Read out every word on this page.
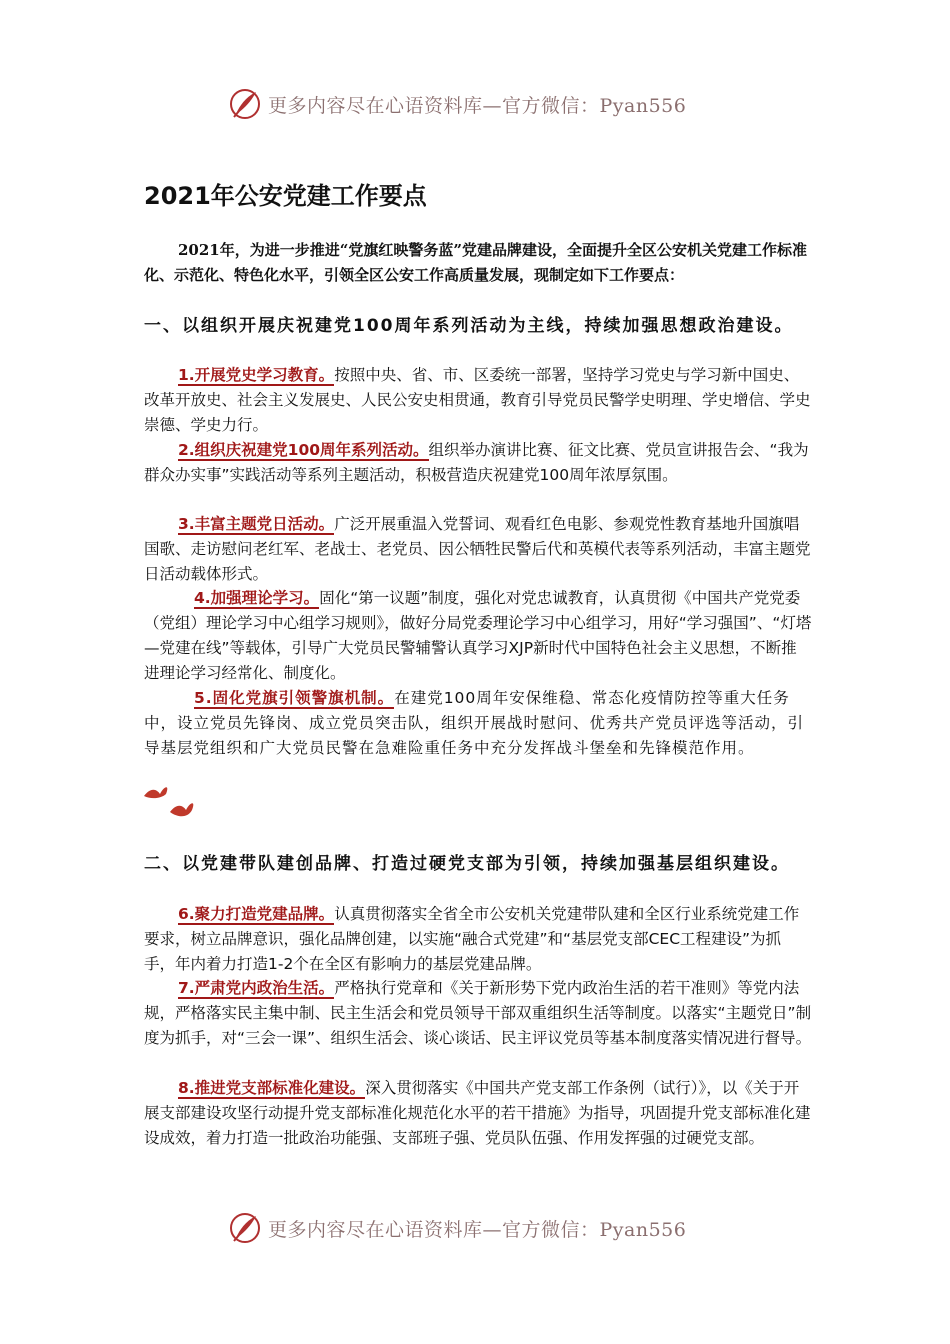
更多内容尽在心语资料库—官方微信：Pyan556
2021年公安党建工作要点

2021年，为进一步推进“党旗红映警务蓝”党建品牌建设，全面提升全区公安机关党建工作标准化、示范化、特色化水平，引领全区公安工作高质量发展，现制定如下工作要点：

一、以组织开展庆祝建党100周年系列活动为主线，持续加强思想政治建设。

1.开展党史学习教育。按照中央、省、市、区委统一部署，坚持学习党史与学习新中国史、改革开放史、社会主义发展史、人民公安史相贯通，教育引导党员民警学史明理、学史增信、学史崇德、学史力行。

2.组织庆祝建党100周年系列活动。组织举办演讲比赛、征文比赛、党员宣讲报告会、“我为群众办实事”实践活动等系列主题活动，积极营造庆祝建党100周年浓厚氛围。

3.丰富主题党日活动。广泛开展重温入党誓词、观看红色电影、参观党性教育基地升国旗唱国歌、走访慰问老红军、老战士、老党员、因公牺牲民警后代和英模代表等系列活动，丰富主题党日活动载体形式。

4.加强理论学习。固化“第一议题”制度，强化对党忠诚教育，认真贯彻《中国共产党党委（党组）理论学习中心组学习规则》，做好分局党委理论学习中心组学习，用好“学习强国”、“灯塔—党建在线”等载体，引导广大党员民警辅警认真学习XJP新时代中国特色社会主义思想，不断推进理论学习经常化、制度化。

5.固化党旗引领警旗机制。在建党100周年安保维稳、常态化疫情防控等重大任务中，设立党员先锋岗、成立党员突击队，组织开展战时慰问、优秀共产党员评选等活动，引导基层党组织和广大党员民警在急难险重任务中充分发挥战斗堡垒和先锋模范作用。

二、以党建带队建创品牌、打造过硬党支部为引领，持续加强基层组织建设。

6.聚力打造党建品牌。认真贯彻落实全省全市公安机关党建带队建和全区行业系统党建工作要求，树立品牌意识，强化品牌创建，以实施“融合式党建”和“基层党支部CEC工程建设”为抓手，年内着力打造1-2个在全区有影响力的基层党建品牌。

7.严肃党内政治生活。严格执行党章和《关于新形势下党内政治生活的若干准则》等党内法规，严格落实民主集中制、民主生活会和党员领导干部双重组织生活等制度。以落实“主题党日”制度为抓手，对“三会一课”、组织生活会、谈心谈话、民主评议党员等基本制度落实情况进行督导。

8.推进党支部标准化建设。深入贯彻落实《中国共产党支部工作条例（试行）》，以《关于开展支部建设攻坚行动提升党支部标准化规范化水平的若干措施》为指导，巩固提升党支部标准化建设成效，着力打造一批政治功能强、支部班子强、党员队伍强、作用发挥强的过硬党支部。

更多内容尽在心语资料库—官方微信：Pyan556
